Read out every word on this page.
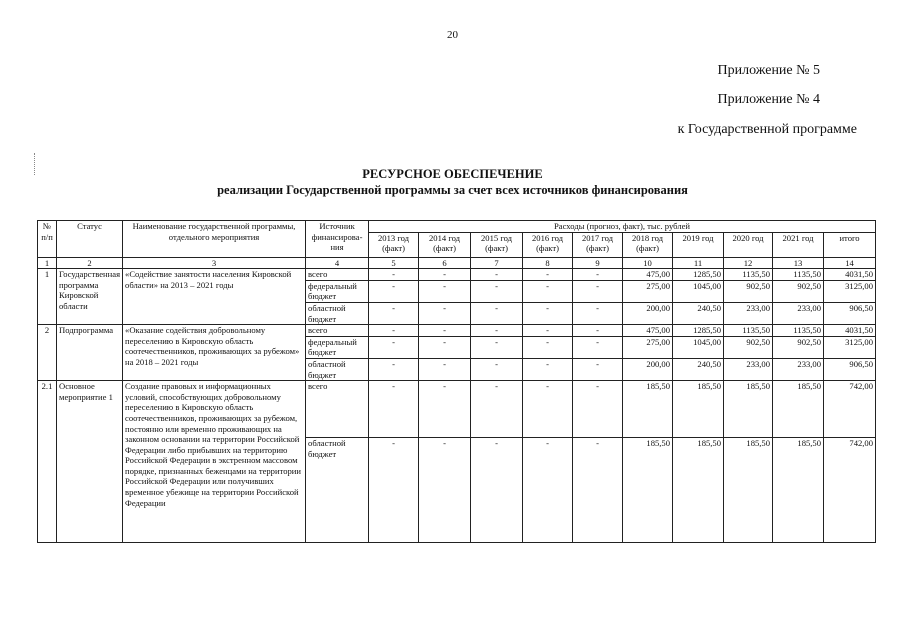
20
Приложение № 5
Приложение № 4
к Государственной программе
РЕСУРСНОЕ ОБЕСПЕЧЕНИЕ
реализации Государственной программы за счет всех источников финансирования
№ п/п	Статус	Наименование государственной программы, отдельного мероприятия	Источник финансирова-ния	Расходы (прогноз, факт), тыс. рублей									
				2013 год (факт)	2014 год (факт)	2015 год (факт)	2016 год (факт)	2017 год (факт)	2018 год (факт)	2019 год	2020 год	2021 год	итого
1	2	3	4	5	6	7	8	9	10	11	12	13	14
1	Государственная программа Кировской области	«Содействие занятости населения Кировской области» на 2013 – 2021 годы	всего	-	-	-	-	-	475,00	1285,50	1135,50	1135,50	4031,50
			федеральный бюджет	-	-	-	-	-	275,00	1045,00	902,50	902,50	3125,00
			областной бюджет	-	-	-	-	-	200,00	240,50	233,00	233,00	906,50
2	Подпрограмма	«Оказание содействия добровольному переселению в Кировскую область соотечественников, проживающих за рубежом» на 2018 – 2021 годы	всего	-	-	-	-	-	475,00	1285,50	1135,50	1135,50	4031,50
			федеральный бюджет	-	-	-	-	-	275,00	1045,00	902,50	902,50	3125,00
			областной бюджет	-	-	-	-	-	200,00	240,50	233,00	233,00	906,50
2.1	Основное мероприятие 1	Создание правовых и информационных условий, способствующих добровольному переселению в Кировскую область соотечественников, проживающих за рубежом, постоянно или временно проживающих на законном основании на территории Российской Федерации либо прибывших на территорию Российской Федерации в экстренном массовом порядке, признанных беженцами на территории Российской Федерации или получивших временное убежище на территории Российской Федерации	всего	-	-	-	-	-	185,50	185,50	185,50	185,50	742,00
			областной бюджет	-	-	-	-	-	185,50	185,50	185,50	185,50	742,00
